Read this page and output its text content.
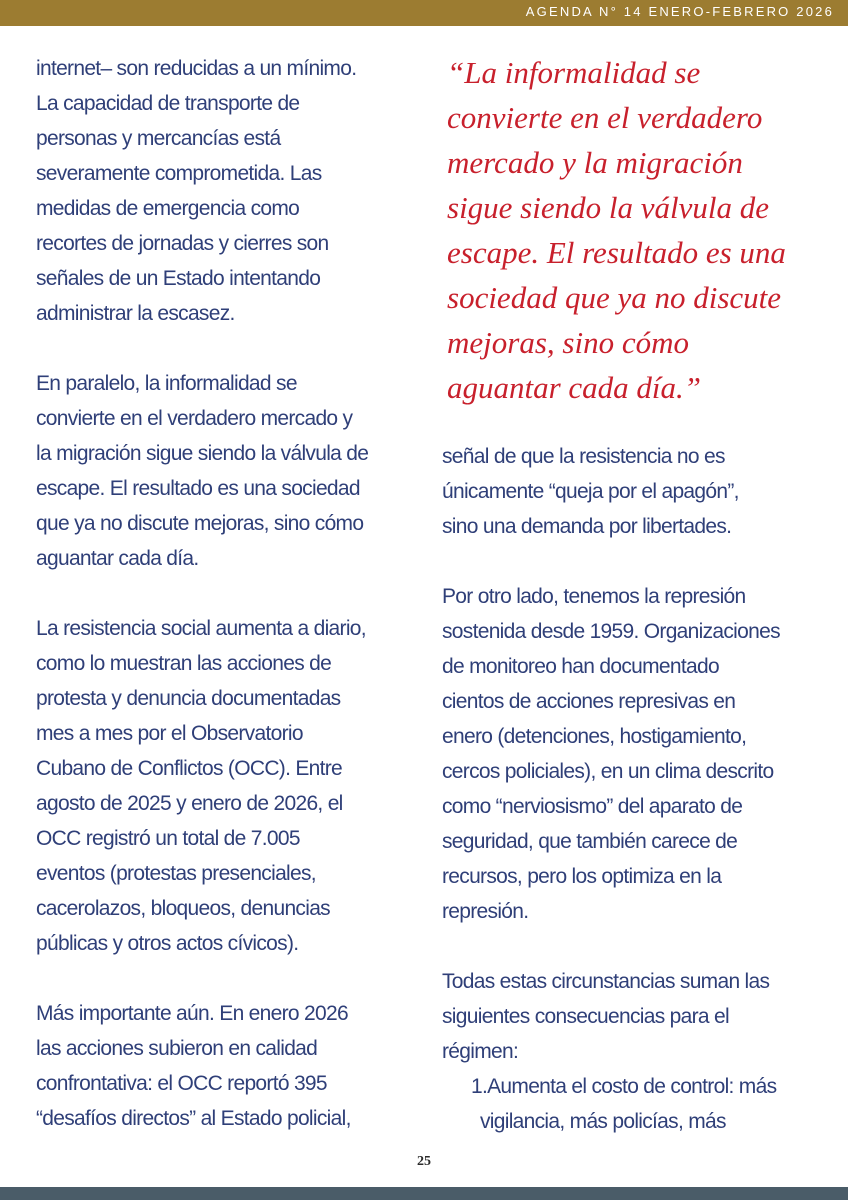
AGENDA N° 14 ENERO-FEBRERO 2026

internet– son reducidas a un mínimo.
La capacidad de transporte de
personas y mercancías está
severamente comprometida. Las
medidas de emergencia como
recortes de jornadas y cierres son
señales de un Estado intentando
administrar la escasez.

En paralelo, la informalidad se
convierte en el verdadero mercado y
la migración sigue siendo la válvula de
escape. El resultado es una sociedad
que ya no discute mejoras, sino cómo
aguantar cada día.

La resistencia social aumenta a diario,
como lo muestran las acciones de
protesta y denuncia documentadas
mes a mes por el Observatorio
Cubano de Conflictos (OCC). Entre
agosto de 2025 y enero de 2026, el
OCC registró un total de 7.005
eventos (protestas presenciales,
cacerolazos, bloqueos, denuncias
públicas y otros actos cívicos).

Más importante aún. En enero 2026
las acciones subieron en calidad
confrontativa: el OCC reportó 395
“desafíos directos” al Estado policial,

“La informalidad se
convierte en el verdadero
mercado y la migración
sigue siendo la válvula de
escape. El resultado es una
sociedad que ya no discute
mejoras, sino cómo
aguantar cada día.”

señal de que la resistencia no es
únicamente “queja por el apagón”,
sino una demanda por libertades.

Por otro lado, tenemos la represión
sostenida desde 1959. Organizaciones
de monitoreo han documentado
cientos de acciones represivas en
enero (detenciones, hostigamiento,
cercos policiales), en un clima descrito
como “nerviosismo” del aparato de
seguridad, que también carece de
recursos, pero los optimiza en la
represión.

Todas estas circunstancias suman las
siguientes consecuencias para el
régimen:

1.Aumenta el costo de control: más
vigilancia, más policías, más
25
